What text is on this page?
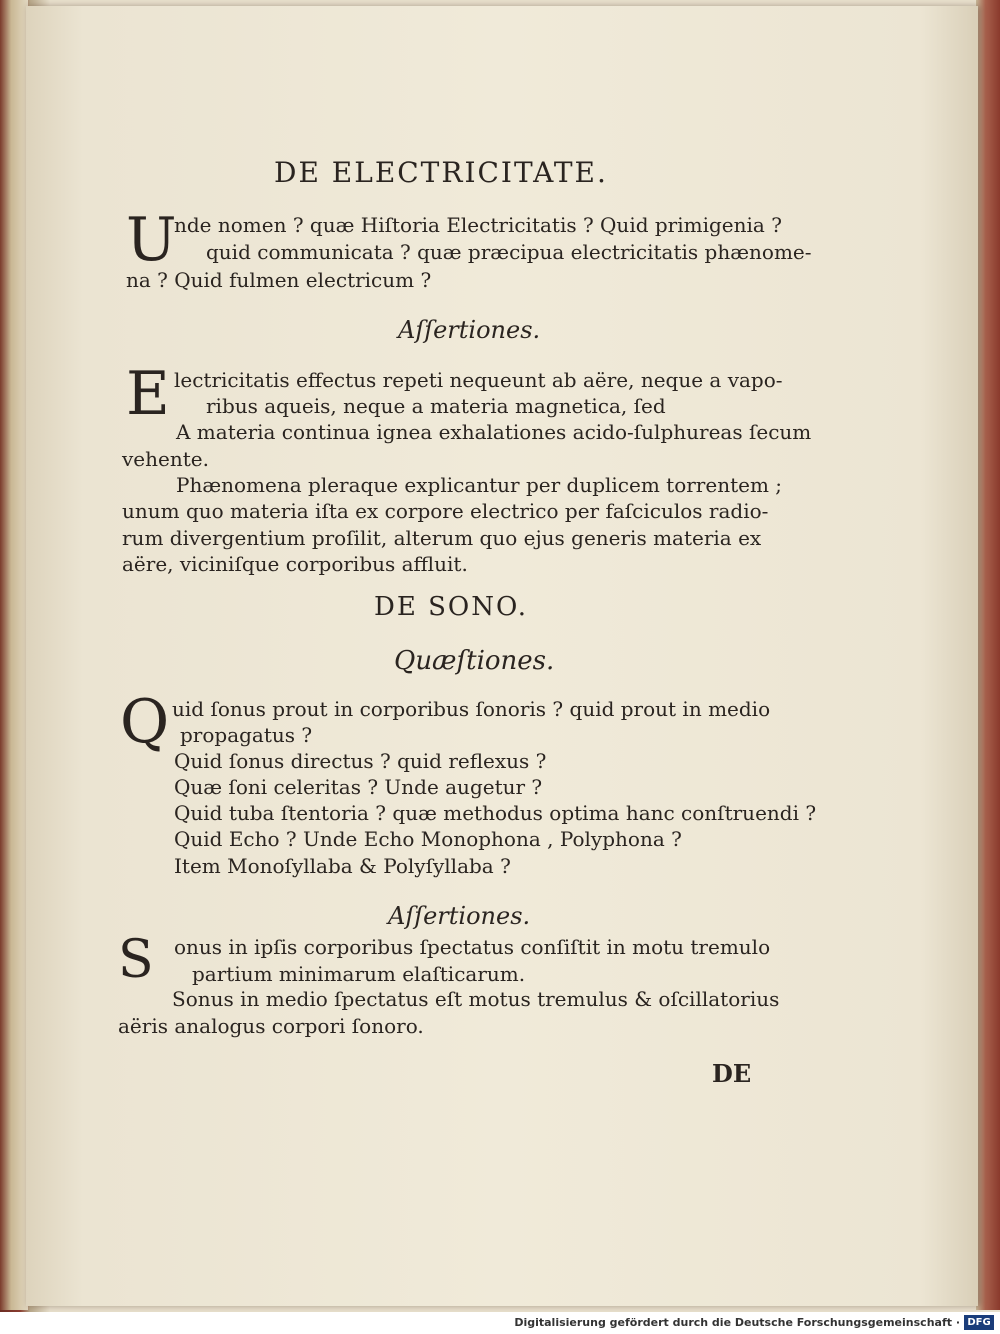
DE ELECTRICITATE.
U
nde nomen ? quæ Hiſtoria Electricitatis ? Quid primigenia ?
quid communicata ? quæ præcipua electricitatis phænome-
na ? Quid fulmen electricum ?
Aſſertiones.
E lectricitatis effectus repeti nequeunt ab aëre, neque a vapo-
ribus aqueis, neque a materia magnetica, ſed
A materia continua ignea exhalationes acido-ſulphureas ſecum
vehente.
Phænomena pleraque explicantur per duplicem torrentem ;
unum quo materia iſta ex corpore electrico per faſciculos radio-
rum divergentium proſilit, alterum quo ejus generis materia ex
aëre, viciniſque corporibus affluit.
DE SONO.
Quæſtiones.
Q uid ſonus prout in corporibus ſonoris ? quid prout in medio
propagatus ?
Quid ſonus directus ? quid reflexus ?
Quæ ſoni celeritas ? Unde augetur ?
Quid tuba ſtentoria ? quæ methodus optima hanc conſtruendi ?
Quid Echo ? Unde Echo Monophona , Polyphona ?
Item Monoſyllaba & Polyſyllaba ?
Aſſertiones.
S onus in ipſis corporibus ſpectatus conſiſtit in motu tremulo
partium minimarum elaſticarum.
Sonus in medio ſpectatus eſt motus tremulus & oſcillatorius
aëris analogus corpori ſonoro.
DE
Digitalisierung gefördert durch die Deutsche Forschungsgemeinschaft · DFG
